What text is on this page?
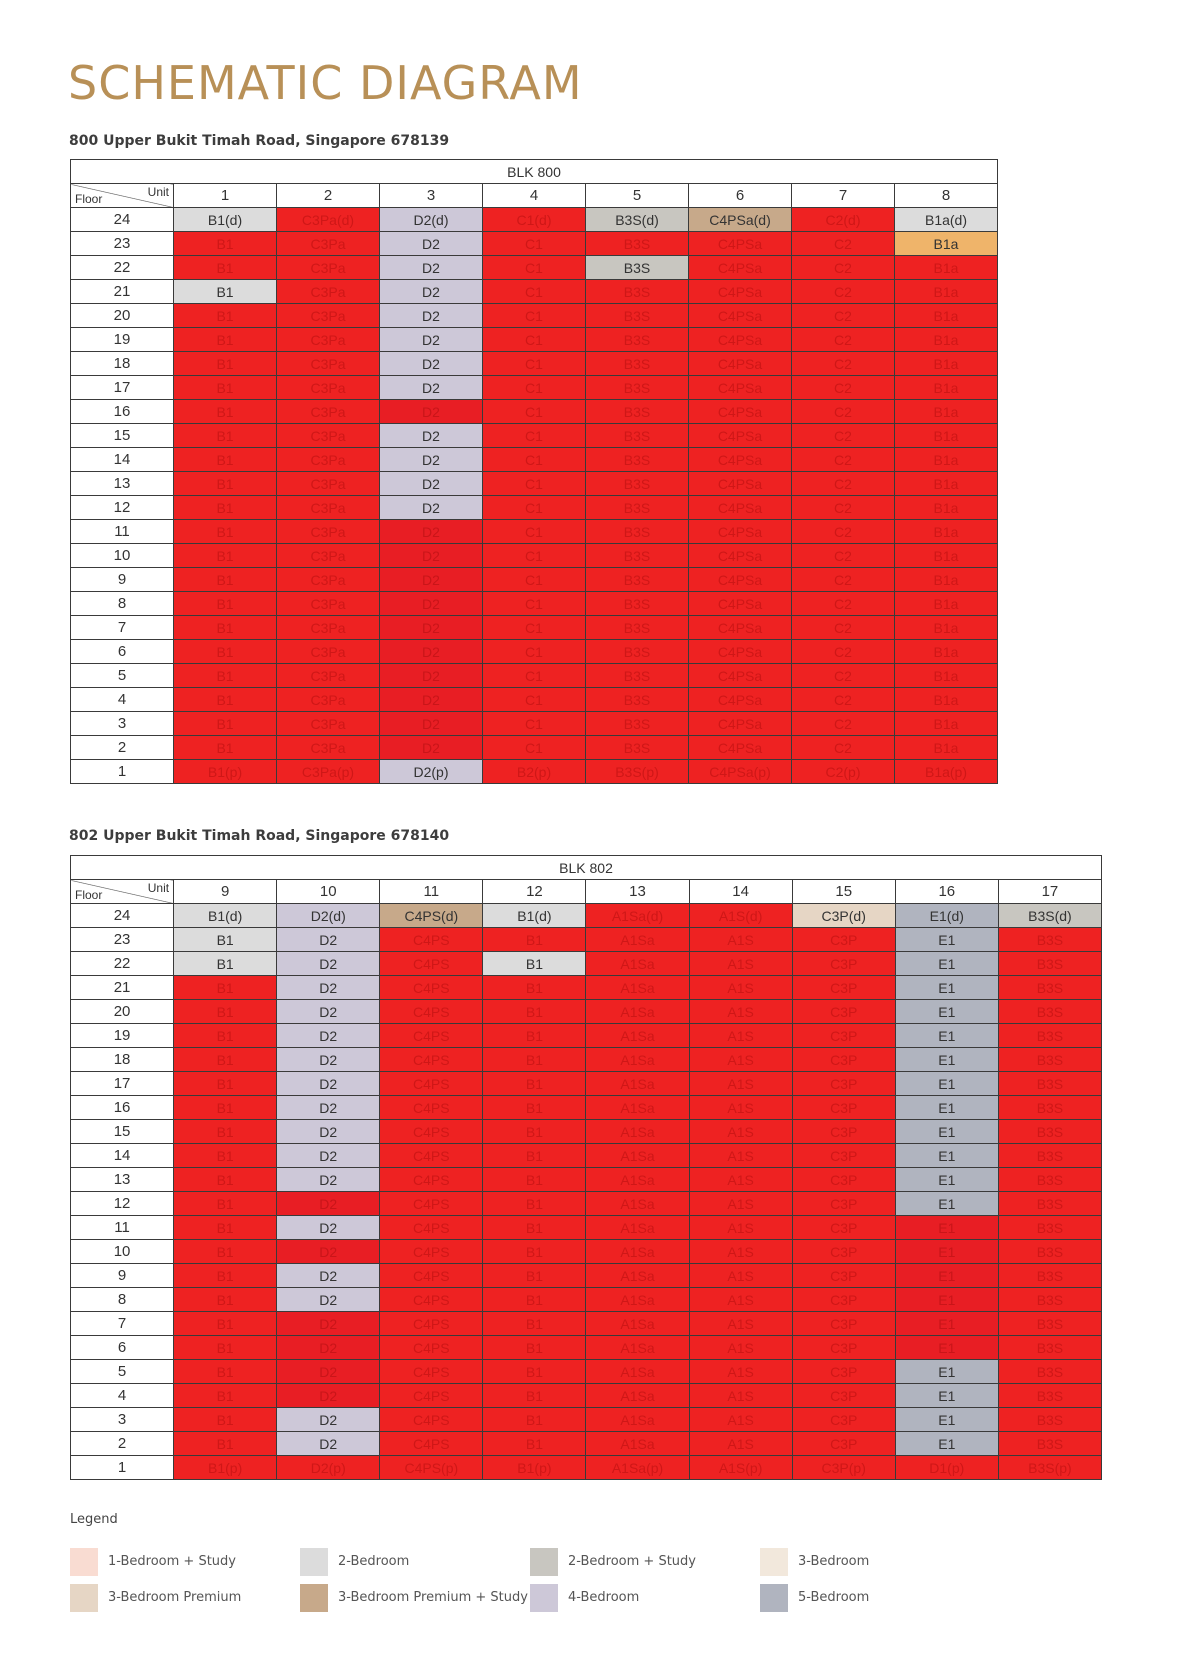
SCHEMATIC DIAGRAM
800 Upper Bukit Timah Road, Singapore 678139
BLK 800								

Unit
Floor	1	2	3	4	5	6	7	8
24	B1(d)	C3Pa(d)	D2(d)	C1(d)	B3S(d)	C4PSa(d)	C2(d)	B1a(d)
23	B1	C3Pa	D2	C1	B3S	C4PSa	C2	B1a
22	B1	C3Pa	D2	C1	B3S	C4PSa	C2	B1a
21	B1	C3Pa	D2	C1	B3S	C4PSa	C2	B1a
20	B1	C3Pa	D2	C1	B3S	C4PSa	C2	B1a
19	B1	C3Pa	D2	C1	B3S	C4PSa	C2	B1a
18	B1	C3Pa	D2	C1	B3S	C4PSa	C2	B1a
17	B1	C3Pa	D2	C1	B3S	C4PSa	C2	B1a
16	B1	C3Pa	D2	C1	B3S	C4PSa	C2	B1a
15	B1	C3Pa	D2	C1	B3S	C4PSa	C2	B1a
14	B1	C3Pa	D2	C1	B3S	C4PSa	C2	B1a
13	B1	C3Pa	D2	C1	B3S	C4PSa	C2	B1a
12	B1	C3Pa	D2	C1	B3S	C4PSa	C2	B1a
11	B1	C3Pa	D2	C1	B3S	C4PSa	C2	B1a
10	B1	C3Pa	D2	C1	B3S	C4PSa	C2	B1a
9	B1	C3Pa	D2	C1	B3S	C4PSa	C2	B1a
8	B1	C3Pa	D2	C1	B3S	C4PSa	C2	B1a
7	B1	C3Pa	D2	C1	B3S	C4PSa	C2	B1a
6	B1	C3Pa	D2	C1	B3S	C4PSa	C2	B1a
5	B1	C3Pa	D2	C1	B3S	C4PSa	C2	B1a
4	B1	C3Pa	D2	C1	B3S	C4PSa	C2	B1a
3	B1	C3Pa	D2	C1	B3S	C4PSa	C2	B1a
2	B1	C3Pa	D2	C1	B3S	C4PSa	C2	B1a
1	B1(p)	C3Pa(p)	D2(p)	B2(p)	B3S(p)	C4PSa(p)	C2(p)	B1a(p)
802 Upper Bukit Timah Road, Singapore 678140
BLK 802									

Unit
Floor	9	10	11	12	13	14	15	16	17
24	B1(d)	D2(d)	C4PS(d)	B1(d)	A1Sa(d)	A1S(d)	C3P(d)	E1(d)	B3S(d)
23	B1	D2	C4PS	B1	A1Sa	A1S	C3P	E1	B3S
22	B1	D2	C4PS	B1	A1Sa	A1S	C3P	E1	B3S
21	B1	D2	C4PS	B1	A1Sa	A1S	C3P	E1	B3S
20	B1	D2	C4PS	B1	A1Sa	A1S	C3P	E1	B3S
19	B1	D2	C4PS	B1	A1Sa	A1S	C3P	E1	B3S
18	B1	D2	C4PS	B1	A1Sa	A1S	C3P	E1	B3S
17	B1	D2	C4PS	B1	A1Sa	A1S	C3P	E1	B3S
16	B1	D2	C4PS	B1	A1Sa	A1S	C3P	E1	B3S
15	B1	D2	C4PS	B1	A1Sa	A1S	C3P	E1	B3S
14	B1	D2	C4PS	B1	A1Sa	A1S	C3P	E1	B3S
13	B1	D2	C4PS	B1	A1Sa	A1S	C3P	E1	B3S
12	B1	D2	C4PS	B1	A1Sa	A1S	C3P	E1	B3S
11	B1	D2	C4PS	B1	A1Sa	A1S	C3P	E1	B3S
10	B1	D2	C4PS	B1	A1Sa	A1S	C3P	E1	B3S
9	B1	D2	C4PS	B1	A1Sa	A1S	C3P	E1	B3S
8	B1	D2	C4PS	B1	A1Sa	A1S	C3P	E1	B3S
7	B1	D2	C4PS	B1	A1Sa	A1S	C3P	E1	B3S
6	B1	D2	C4PS	B1	A1Sa	A1S	C3P	E1	B3S
5	B1	D2	C4PS	B1	A1Sa	A1S	C3P	E1	B3S
4	B1	D2	C4PS	B1	A1Sa	A1S	C3P	E1	B3S
3	B1	D2	C4PS	B1	A1Sa	A1S	C3P	E1	B3S
2	B1	D2	C4PS	B1	A1Sa	A1S	C3P	E1	B3S
1	B1(p)	D2(p)	C4PS(p)	B1(p)	A1Sa(p)	A1S(p)	C3P(p)	D1(p)	B3S(p)
Legend
1-Bedroom + Study	2-Bedroom	2-Bedroom + Study	3-Bedroom
3-Bedroom Premium	3-Bedroom Premium + Study	4-Bedroom	5-Bedroom
